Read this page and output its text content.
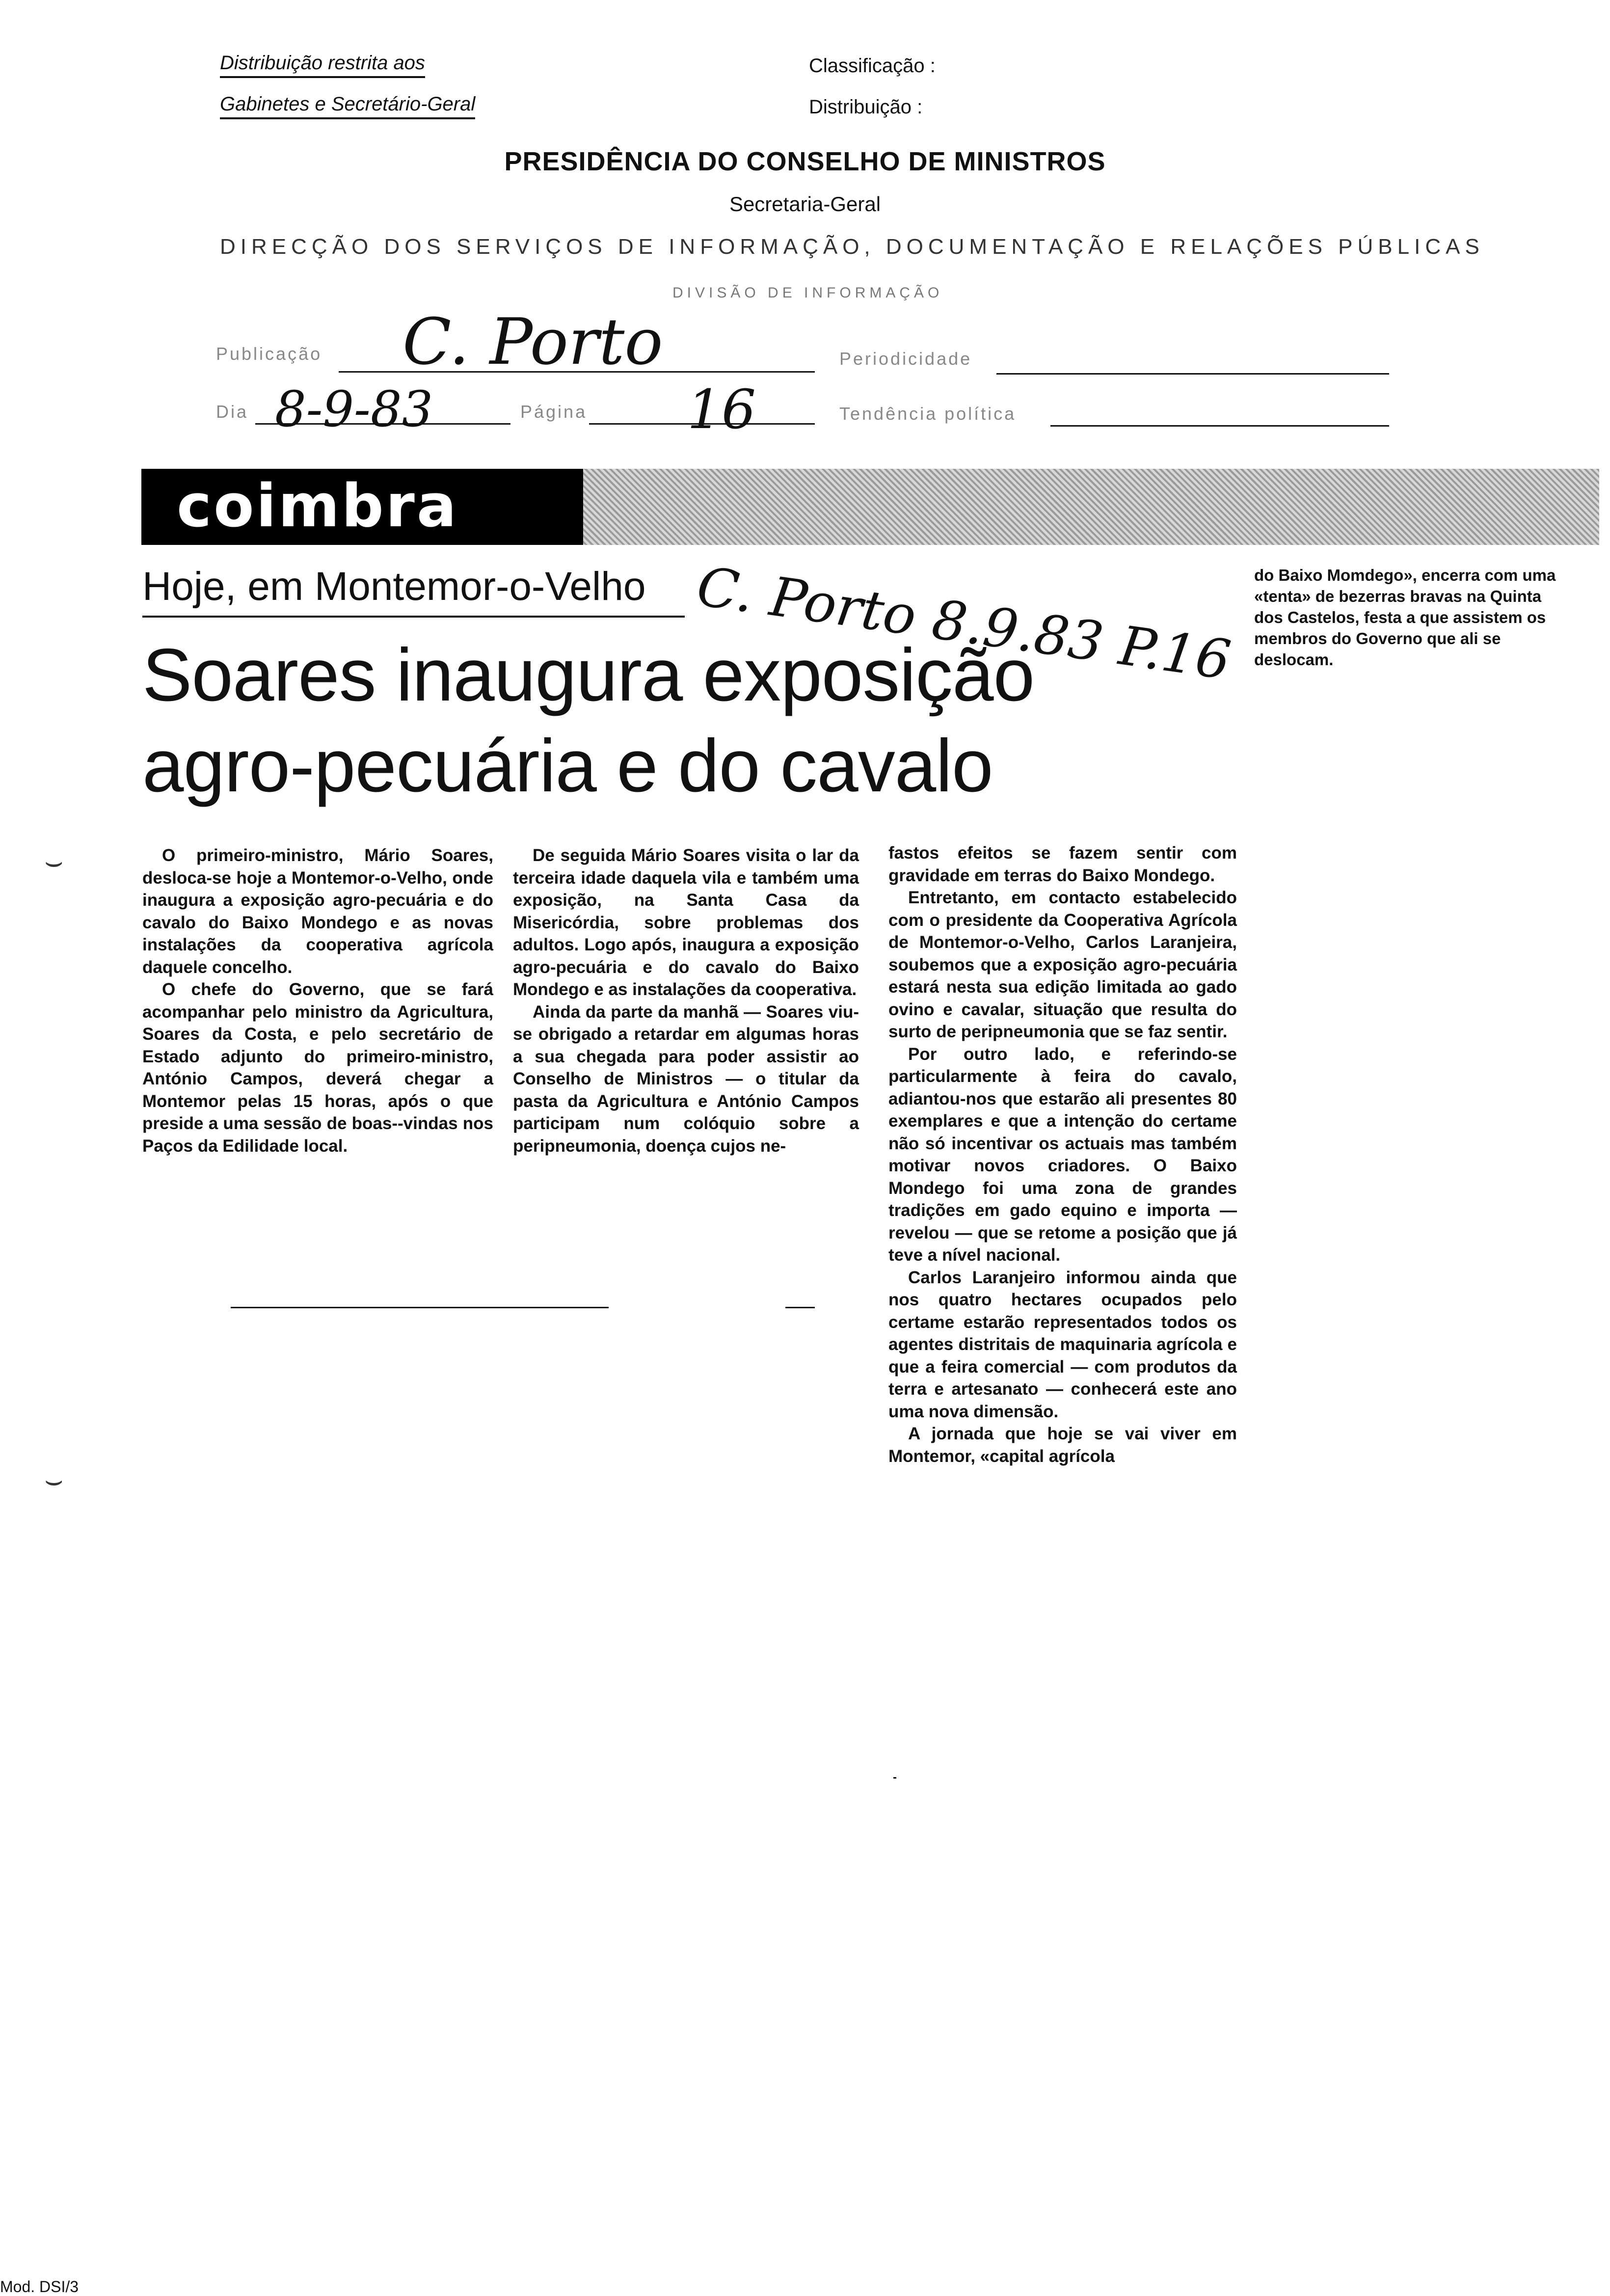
Distribuição restrita aos
Gabinetes e Secretário-Geral
Classificação :
Distribuição :
PRESIDÊNCIA DO CONSELHO DE MINISTROS
Secretaria-Geral
DIRECÇÃO DOS SERVIÇOS DE INFORMAÇÃO, DOCUMENTAÇÃO E RELAÇÕES PÚBLICAS
DIVISÃO DE INFORMAÇÃO
Publicação C. Porto	Periodicidade
Dia 8-9-83	Página 16	Tendência política
coimbra
Hoje, em Montemor-o-Velho C. Porto 8.9.83 P.16
Soares inaugura exposição
agro-pecuária e do cavalo
do Baixo Momdego», encerra com uma «tenta» de bezerras bravas na Quinta dos Castelos, festa a que assistem os membros do Governo que ali se deslocam.

O primeiro-ministro, Mário Soares, desloca-se hoje a Montemor-o-Velho, onde inaugura a exposição agro-pecuária e do cavalo do Baixo Mondego e as novas instalações da cooperativa agrícola daquele concelho.

O chefe do Governo, que se fará acompanhar pelo ministro da Agricultura, Soares da Costa, e pelo secretário de Estado adjunto do primeiro-ministro, António Campos, deverá chegar a Montemor pelas 15 horas, após o que preside a uma sessão de boas--vindas nos Paços da Edilidade local.

De seguida Mário Soares visita o lar da terceira idade daquela vila e também uma exposição, na Santa Casa da Misericórdia, sobre problemas dos adultos. Logo após, inaugura a exposição agro-pecuária e do cavalo do Baixo Mondego e as instalações da cooperativa.

Ainda da parte da manhã — Soares viu-se obrigado a retardar em algumas horas a sua chegada para poder assistir ao Conselho de Ministros — o titular da pasta da Agricultura e António Campos participam num colóquio sobre a peripneumonia, doença cujos ne-

fastos efeitos se fazem sentir com gravidade em terras do Baixo Mondego.

Entretanto, em contacto estabelecido com o presidente da Cooperativa Agrícola de Montemor-o-Velho, Carlos Laranjeira, soubemos que a exposição agro-pecuária estará nesta sua edição limitada ao gado ovino e cavalar, situação que resulta do surto de peripneumonia que se faz sentir.

Por outro lado, e referindo-se particularmente à feira do cavalo, adiantou-nos que estarão ali presentes 80 exemplares e que a intenção do certame não só incentivar os actuais mas também motivar novos criadores. O Baixo Mondego foi uma zona de grandes tradições em gado equino e importa — revelou — que se retome a posição que já teve a nível nacional.

Carlos Laranjeiro informou ainda que nos quatro hectares ocupados pelo certame estarão representados todos os agentes distritais de maquinaria agrícola e que a feira comercial — com produtos da terra e artesanato — conhecerá este ano uma nova dimensão.

A jornada que hoje se vai viver em Montemor, «capital agrícola

⌣
⌣
Mod. DSI/3
